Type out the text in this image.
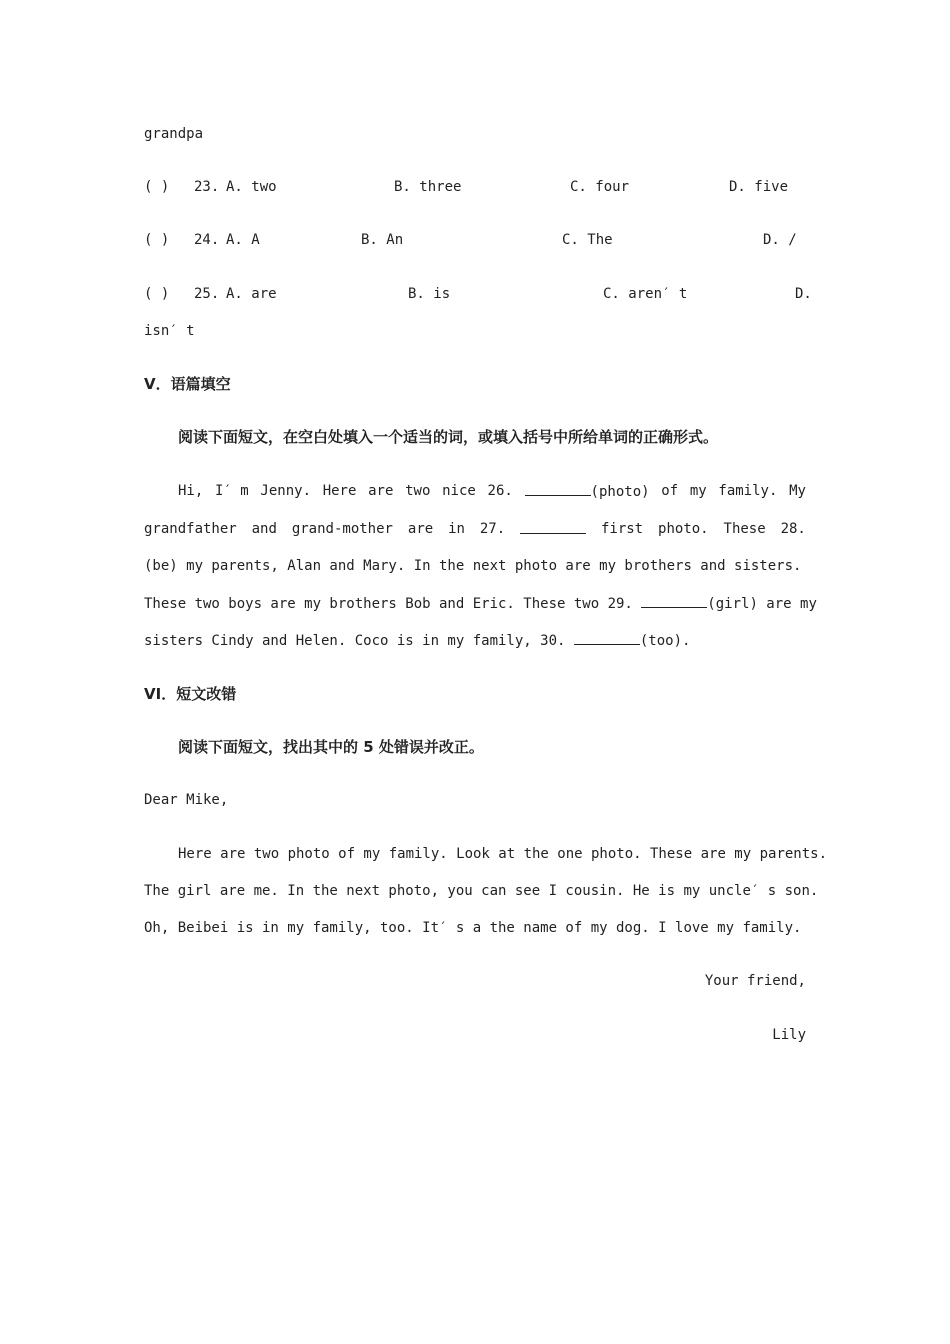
grandpa
( ) 23. A. two	B. three	C. four	D. five
( ) 24. A. A	B. An	C. The	D. /
( ) 25. A. are	B. is	C. aren′ t	D.
isn′ t
V．语篇填空
阅读下面短文，在空白处填入一个适当的词，或填入括号中所给单词的正确形式。
Hi, I′ m Jenny. Here are two nice 26.	(photo) of my family. My
grandfather and grand-mother are in 27.	first photo. These 28.
(be) my parents, Alan and Mary. In the next photo are my brothers and sisters.
These two boys are my brothers Bob and Eric. These two 29.	(girl) are my
sisters Cindy and Helen. Coco is in my family, 30.	(too).
VI．短文改错
阅读下面短文，找出其中的 5 处错误并改正。
Dear Mike,
Here are two photo of my family. Look at the one photo. These are my parents.
The girl are me. In the next photo, you can see I cousin. He is my uncle′ s son.
Oh, Beibei is in my family, too. It′ s a the name of my dog. I love my family.
Your friend,
Lily
